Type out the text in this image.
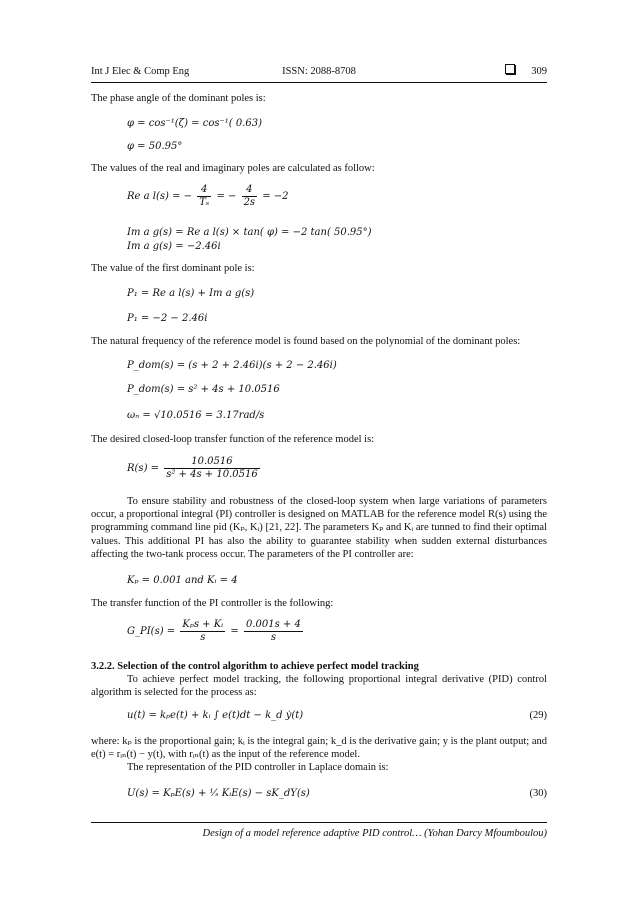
Int J Elec & Comp Eng	ISSN: 2088-8708	309
The phase angle of the dominant poles is:
φ = cos⁻¹(ζ) = cos⁻¹( 0.63)
φ = 50.95°
The values of the real and imaginary poles are calculated as follow:
Re a l(s) = − $\frac{4}{\text{Tₛ}}$ = − $\frac{4}{2s} = -2$
Im a g(s) = Re a l(s) × tan( φ) = −2 tan( 50.95°)
Im a g(s) = −2.46i
The value of the first dominant pole is:
P₁ = Re a l(s) + Im a g(s)
P₁ = −2 − 2.46i
The natural frequency of the reference model is found based on the polynomial of the dominant poles:
P_dom(s) = (s + 2 + 2.46i)(s + 2 − 2.46i)
P_dom(s) = s² + 4s + 10.0516
ωₙ = √10.0516 = 3.17rad/s
The desired closed-loop transfer function of the reference model is:
$R(s) = \frac{10.0516}{\text{s² + 4s + 10.0516}}$
To ensure stability and robustness of the closed-loop system when large variations of parameters occur, a proportional integral (PI) controller is designed on MATLAB for the reference model R(s) using the programming command line pid (Kₚ, Kᵢ) [21, 22]. The parameters Kₚ and Kᵢ are tunned to find their optimal values. This additional PI has also the ability to guarantee stability when sudden external disturbances affecting the two-tank process occur. The parameters of the PI controller are:
Kₚ = 0.001 and Kᵢ = 4
The transfer function of the PI controller is the following:
G_PI(s) = $\frac{\text{Kₚs + Kᵢ}}{s} = \frac{0.001s + 4}{s}$
3.2.2. Selection of the control algorithm to achieve perfect model tracking
To achieve perfect model tracking, the following proportional integral derivative (PID) control algorithm is selected for the process as:
u(t) = kₚe(t) + kᵢ ∫ e(t)dt − k_d ẏ(t)	(29)
where: kₚ is the proportional gain; kᵢ is the integral gain; k_d is the derivative gain; y is the plant output; and e(t) = rᵢₙ(t) − y(t), with rᵢₙ(t) as the input of the reference model.
The representation of the PID controller in Laplace domain is:
U(s) = KₚE(s) + ¹⁄ₛ KᵢE(s) − sK_dY(s)	(30)
Design of a model reference adaptive PID control… (Yohan Darcy Mfoumboulou)
